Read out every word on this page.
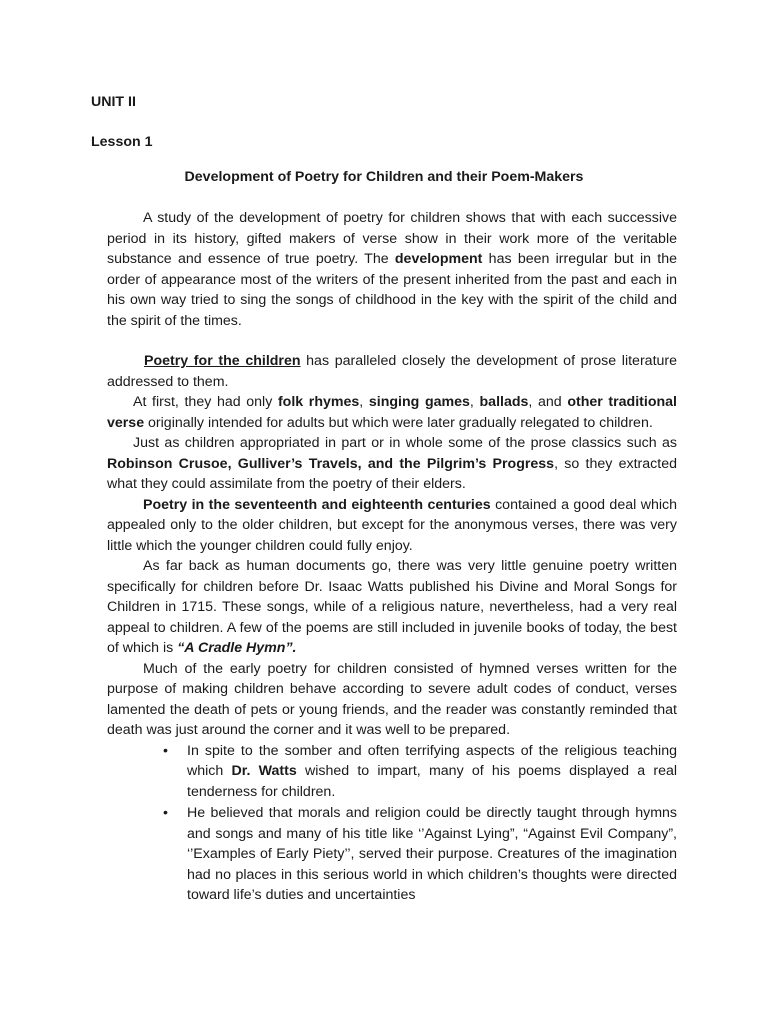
UNIT II
Lesson 1
Development of Poetry for Children and their Poem-Makers

A study of the development of poetry for children shows that with each successive period in its history, gifted makers of verse show in their work more of the veritable substance and essence of true poetry. The development has been irregular but in the order of appearance most of the writers of the present inherited from the past and each in his own way tried to sing the songs of childhood in the key with the spirit of the child and the spirit of the times.

Poetry for the children has paralleled closely the development of prose literature addressed to them.

At first, they had only folk rhymes, singing games, ballads, and other traditional verse originally intended for adults but which were later gradually relegated to children.

Just as children appropriated in part or in whole some of the prose classics such as Robinson Crusoe, Gulliver’s Travels, and the Pilgrim’s Progress, so they extracted what they could assimilate from the poetry of their elders.

Poetry in the seventeenth and eighteenth centuries contained a good deal which appealed only to the older children, but except for the anonymous verses, there was very little which the younger children could fully enjoy.

As far back as human documents go, there was very little genuine poetry written specifically for children before Dr. Isaac Watts published his Divine and Moral Songs for Children in 1715. These songs, while of a religious nature, nevertheless, had a very real appeal to children. A few of the poems are still included in juvenile books of today, the best of which is “A Cradle Hymn”.

Much of the early poetry for children consisted of hymned verses written for the purpose of making children behave according to severe adult codes of conduct, verses lamented the death of pets or young friends, and the reader was constantly reminded that death was just around the corner and it was well to be prepared.

• In spite to the somber and often terrifying aspects of the religious teaching which Dr. Watts wished to impart, many of his poems displayed a real tenderness for children.
• He believed that morals and religion could be directly taught through hymns and songs and many of his title like ‘’Against Lying”, “Against Evil Company”, ‘’Examples of Early Piety’’, served their purpose. Creatures of the imagination had no places in this serious world in which children’s thoughts were directed toward life’s duties and uncertainties
